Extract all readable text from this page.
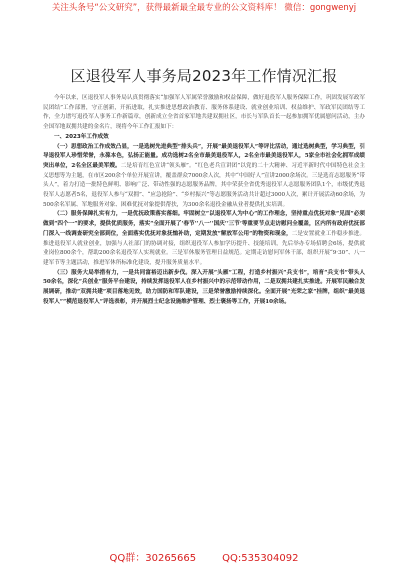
关注头条号“公文研究”，获得最新最全最专业的公文资料库！ 微信：gongwenyj
区退役军人事务局2023年工作情况汇报

今年以来，区退役军人事务局认真贯彻落实“加强军人军属荣誉激励和权益保障，做好退役军人服务保障工作，巩固发展军政军民团结”工作部署，守正创新，开拓进取，扎实推进思想政治教育、服务体系建设、就业创业培训、权益维护、军政军民团结等工作，全力谱写退役军人事务工作新篇章，创新成立全省首家军地共建双拥社区，市长与军队首长一起参加拥军优属慰问活动，主办全国军地双拥共建的金名片，现将今年工作汇报如下：

一、2023年工作成效

（一）思想政治工作成效凸显，一是选树先进典型“排头兵”，开展“最美退役军人”等评比活动，通过选树典型，学习典型，引导退役军人珍惜荣誉，永葆本色，弘扬正能量。成功选树2名全市最美退役军人，2名全市最美退役军人，5家全市社会化拥军成绩突出单位，2名全区最美军嫂。二是培育红色宣讲“领头雁”。“红色老兵宣讲团”以党的二十大精神、习近平新时代中国特色社会主义思想等为主题，在市区200余个单位开展宣讲，覆盖群众7000余人次，其中“中国好人”宣讲2000余场次。三是选育志愿服务“带头人”，着力打造一批特色鲜明、影响广泛、带动性强的志愿服务品牌，其中荣获全省优秀退役军人志愿服务团队1个，市级优秀退役军人志愿者5名，退役军人参与“双拥”、“应急抢险”、“乡村振兴”等志愿服务活动共计超过3000人次，累计开展活动60余场，为500余名军属、军地服务对象、困难优抚对象提供帮扶，为300余名退役金融从业者提供扎实培训。

（二）服务保障扎实有力，一是优抚政策落实落细。牢固树立“以退役军人为中心”的工作理念，坚持重点优抚对象“见面”必须做到“四个一”的要求，提供优质服务，落实“全面开展了‘春节’‘八一’‘国庆’‘三节’等重要节点走访慰问全覆盖，区内所有政府优抚部门深入一线调查研究全部到位，全面落实优抚对象抚恤补助，定期发放“解放军公用”的物资和现金，二是安置就业工作稳步推进。推进退役军人就业创业，加强与人社部门的协调对接，组织退役军人参加学历提升、技能培训，先后举办专场招聘会6场，提供就业岗位800余个，帮助200余名退役军人实现就业。三是军休服务管理日益规范。定期走访慰问军休干部，组织开展“9·30”、八一建军节等主题活动，推进军休所标准化建设，提升服务质量水平。

（三）服务大局举措有力，一是共同富裕迈出新步伐。深入开展“头雁”工程，打造乡村振兴“兵支书”，培育“兵支书”带头人50余名，深化“兵创业”服务平台建设，持续发挥退役军人在乡村振兴中的示范带动作用，二是双拥共建扎实推进。开展军民融合发展调研，推动“双拥共建”项目落地见效，助力国防和军队建设，三是荣誉激励持续深化。全面开展“光荣之家”挂牌，组织“最美退役军人”“模范退役军人”评选表彰，并开展烈士纪念设施维护管理、烈士褒扬等工作，开展10余场。

QQ群：30265665	QQ:535304092
